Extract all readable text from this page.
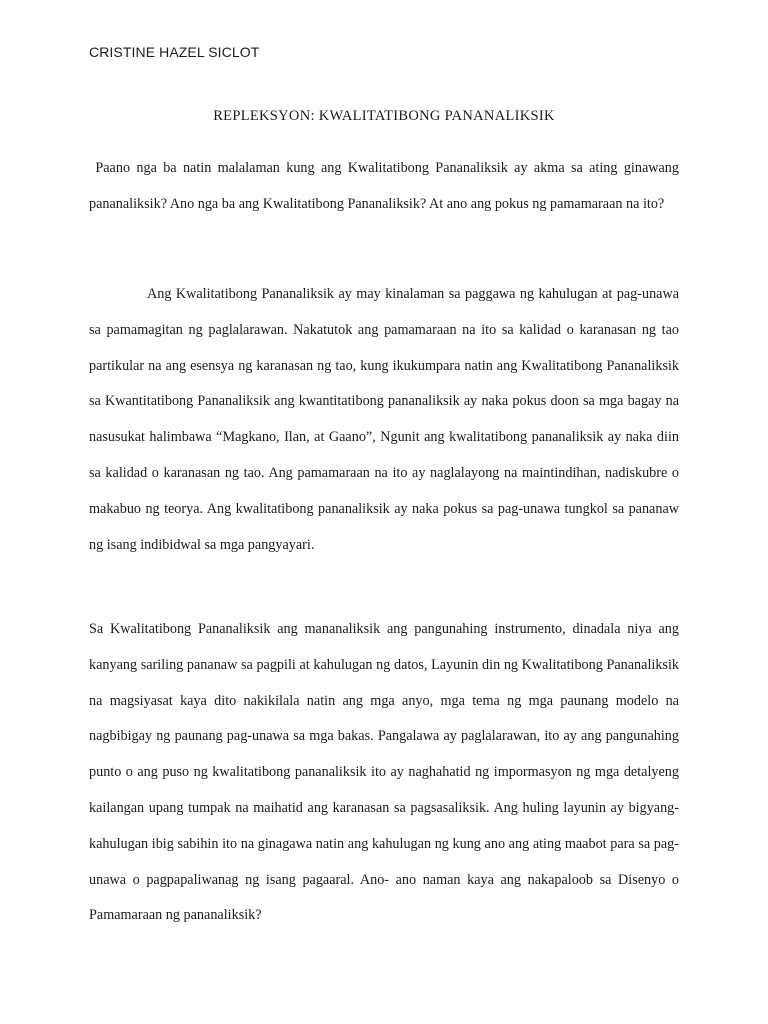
CRISTINE HAZEL SICLOT

REPLEKSYON: KWALITATIBONG PANANALIKSIK

Paano nga ba natin malalaman kung ang Kwalitatibong Pananaliksik ay akma sa ating ginawang pananaliksik? Ano nga ba ang Kwalitatibong Pananaliksik? At ano ang pokus ng pamamaraan na ito?

Ang Kwalitatibong Pananaliksik ay may kinalaman sa paggawa ng kahulugan at pag-unawa sa pamamagitan ng paglalarawan. Nakatutok ang pamamaraan na ito sa kalidad o karanasan ng tao partikular na ang esensya ng karanasan ng tao, kung ikukumpara natin ang Kwalitatibong Pananaliksik sa Kwantitatibong Pananaliksik ang kwantitatibong pananaliksik ay naka pokus doon sa mga bagay na nasusukat halimbawa “Magkano, Ilan, at Gaano”, Ngunit ang kwalitatibong pananaliksik ay naka diin sa kalidad o karanasan ng tao. Ang pamamaraan na ito ay naglalayong na maintindihan, nadiskubre o makabuo ng teorya. Ang kwalitatibong pananaliksik ay naka pokus sa pag-unawa tungkol sa pananaw ng isang indibidwal sa mga pangyayari.

Sa Kwalitatibong Pananaliksik ang mananaliksik ang pangunahing instrumento, dinadala niya ang kanyang sariling pananaw sa pagpili at kahulugan ng datos, Layunin din ng Kwalitatibong Pananaliksik na magsiyasat kaya dito nakikilala natin ang mga anyo, mga tema ng mga paunang modelo na nagbibigay ng paunang pag-unawa sa mga bakas. Pangalawa ay paglalarawan, ito ay ang pangunahing punto o ang puso ng kwalitatibong pananaliksik ito ay naghahatid ng impormasyon ng mga detalyeng kailangan upang tumpak na maihatid ang karanasan sa pagsasaliksik. Ang huling layunin ay bigyang-kahulugan ibig sabihin ito na ginagawa natin ang kahulugan ng kung ano ang ating maabot para sa pag-unawa o pagpapaliwanag ng isang pagaaral. Ano- ano naman kaya ang nakapaloob sa Disenyo o Pamamaraan ng pananaliksik?
